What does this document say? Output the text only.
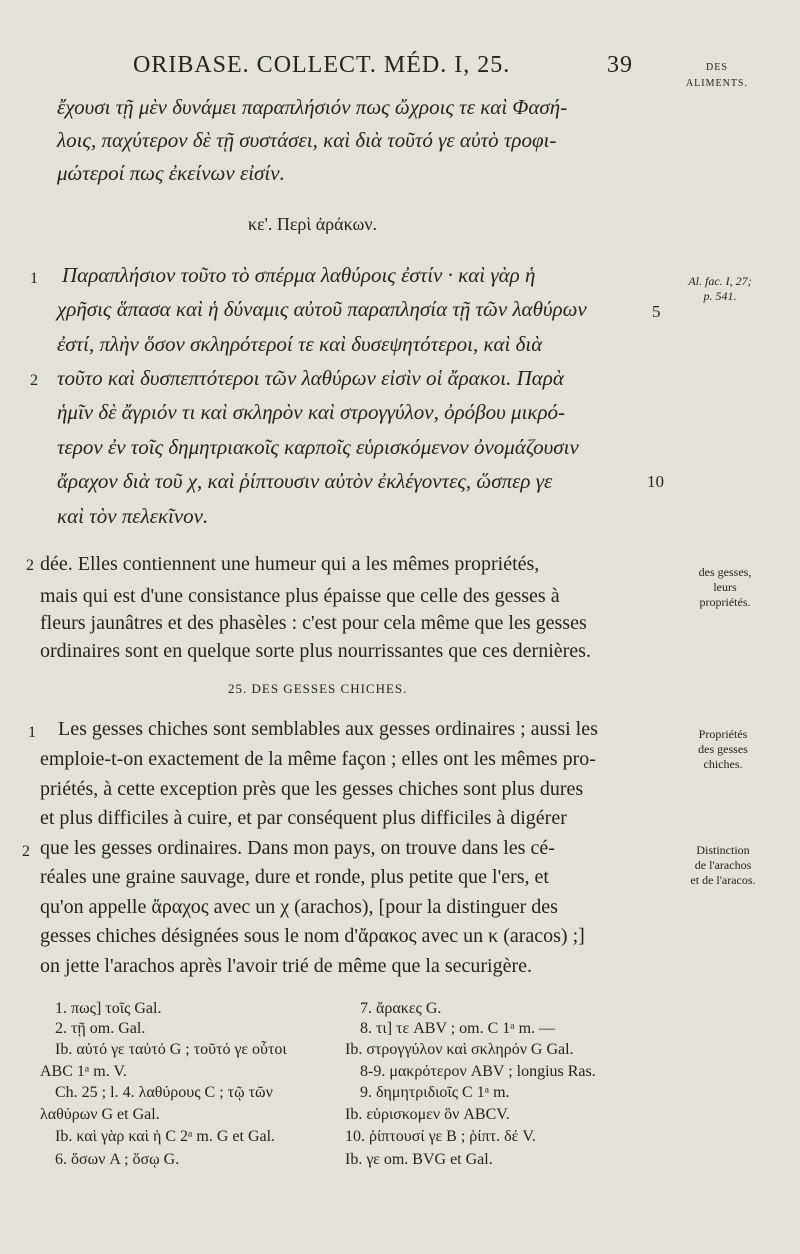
ORIBASE. COLLECT. MÉD. I, 25.	39	DES
ALIMENTS.
ἔχουσι τῇ μὲν δυνάμει παραπλήσιόν πως ὤχροις τε καὶ Φασή-
λοις, παχύτερον δὲ τῇ συστάσει, καὶ διὰ τοῦτό γε αὐτὸ τροφι-
μώτεροί πως ἐκείνων εἰσίν.
κε'. Περὶ ἀράκων.
1
2
Παραπλήσιον τοῦτο τὸ σπέρμα λαθύροις ἐστίν · καὶ γὰρ ἡ
χρῆσις ἅπασα καὶ ἡ δύναμις αὐτοῦ παραπλησία τῇ τῶν λαθύρων
ἐστί, πλὴν ὅσον σκληρότεροί τε καὶ δυσεψητότεροι, καὶ διὰ
τοῦτο καὶ δυσπεπτότεροι τῶν λαθύρων εἰσὶν οἱ ἄρακοι. Παρὰ
ἡμῖν δὲ ἄγριόν τι καὶ σκληρὸν καὶ στρογγύλον, ὀρόβου μικρό-
τερον ἐν τοῖς δημητριακοῖς καρποῖς εὑρισκόμενον ὀνομάζουσιν
ἄραχον διὰ τοῦ χ, καὶ ῥίπτουσιν αὐτὸν ἐκλέγοντες, ὥσπερ γε
καὶ τὸν πελεκῖνον.
5
10
Al. fac. I, 27;
p. 541.
2 dée. Elles contiennent une humeur qui a les mêmes propriétés,
mais qui est d'une consistance plus épaisse que celle des gesses à
fleurs jaunâtres et des phasèles : c'est pour cela même que les gesses
ordinaires sont en quelque sorte plus nourrissantes que ces dernières.
des gesses,
leurs
propriétés.
25. DES GESSES CHICHES.
1
2
Les gesses chiches sont semblables aux gesses ordinaires ; aussi les
emploie-t-on exactement de la même façon ; elles ont les mêmes pro-
priétés, à cette exception près que les gesses chiches sont plus dures
et plus difficiles à cuire, et par conséquent plus difficiles à digérer
que les gesses ordinaires. Dans mon pays, on trouve dans les cé-
réales une graine sauvage, dure et ronde, plus petite que l'ers, et
qu'on appelle ἄραχος avec un χ (arachos), [pour la distinguer des
gesses chiches désignées sous le nom d'ἄρακος avec un κ (aracos) ;]
on jette l'arachos après l'avoir trié de même que la securigère.
Propriétés
des gesses
chiches.
Distinction
de l'arachos
et de l'aracos.
1. πως] τοῖς Gal.
2. τῇ om. Gal.
Ib. αὐτό γε ταὐτό G ; τοῦτό γε οὗτοι
ABC 1ᵃ m. V.
Ch. 25 ; l. 4. λαθύρους C ; τῷ τῶν
λαθύρων G et Gal.
Ib. καὶ γὰρ καὶ ἡ C 2ᵃ m. G et Gal.
6. ὅσων A ; ὅσῳ G.
7. ἄρακες G.
8. τι] τε ABV ; om. C 1ᵃ m. —
Ib. στρογγύλον καὶ σκληρόν G Gal.
8-9. μακρότερον ABV ; longius Ras.
9. δημητριδιοῖς C 1ᵃ m.
Ib. εὑρισκομεν ὃν ABCV.
10. ῥίπτουσί γε B ; ῥίπτ. δέ V.
Ib. γε om. BVG et Gal.
